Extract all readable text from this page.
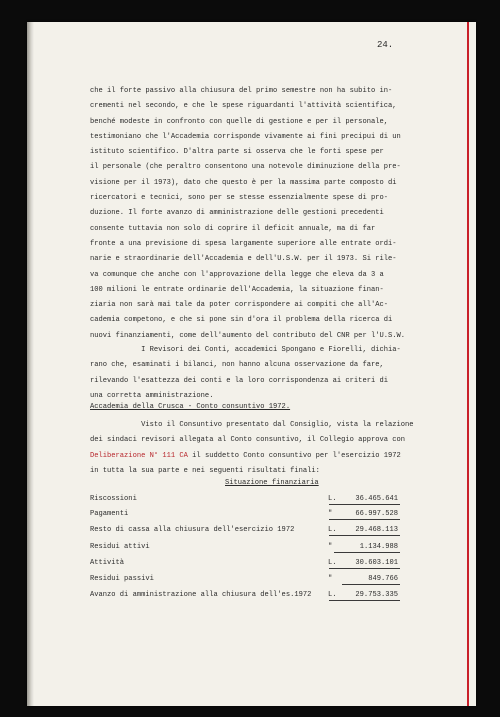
24.
che il forte passivo alla chiusura del primo semestre non ha subito in-
crementi nel secondo, e che le spese riguardanti l'attività scientifica,
benché modeste in confronto con quelle di gestione e per il personale,
testimoniano che l'Accademia corrisponde vivamente ai fini precipui di un
istituto scientifico. D'altra parte si osserva che le forti spese per
il personale (che peraltro consentono una notevole diminuzione della pre-
visione per il 1973), dato che questo è per la massima parte composto di
ricercatori e tecnici, sono per se stesse essenzialmente spese di pro-
duzione. Il forte avanzo di amministrazione delle gestioni precedenti
consente tuttavia non solo di coprire il deficit annuale, ma di far
fronte a una previsione di spesa largamente superiore alle entrate ordi-
narie e straordinarie dell'Accademia e dell'U.S.W. per il 1973. Si rile-
va comunque che anche con l'approvazione della legge che eleva da 3 a
100 milioni le entrate ordinarie dell'Accademia, la situazione finan-
ziaria non sarà mai tale da poter corrispondere ai compiti che all'Ac-
cademia competono, e che si pone sin d'ora il problema della ricerca di
nuovi finanziamenti, come dell'aumento del contributo del CNR per l'U.S.W.
I Revisori dei Conti, accademici Spongano e Fiorelli, dichia-
rano che, esaminati i bilanci, non hanno alcuna osservazione da fare,
rilevando l'esattezza dei conti e la loro corrispondenza ai criteri di
una corretta amministrazione.
Accademia della Crusca - Conto consuntivo 1972.
Visto il Consuntivo presentato dal Consiglio, vista la relazione
dei sindaci revisori allegata al Conto consuntivo, il Collegio approva con
Deliberazione N° 111 CA il suddetto Conto consuntivo per l'esercizio 1972
in tutta la sua parte e nei seguenti risultati finali:
Situazione finanziaria
Riscossioni	L.	36.465.641
Pagamenti	"	66.997.528
Resto di cassa alla chiusura dell'esercizio 1972	L.	29.468.113
Residui attivi	"	1.134.988
Attività	L.	30.603.101
Residui passivi	"	849.766
Avanzo di amministrazione alla chiusura dell'es.1972 L.	29.753.335
